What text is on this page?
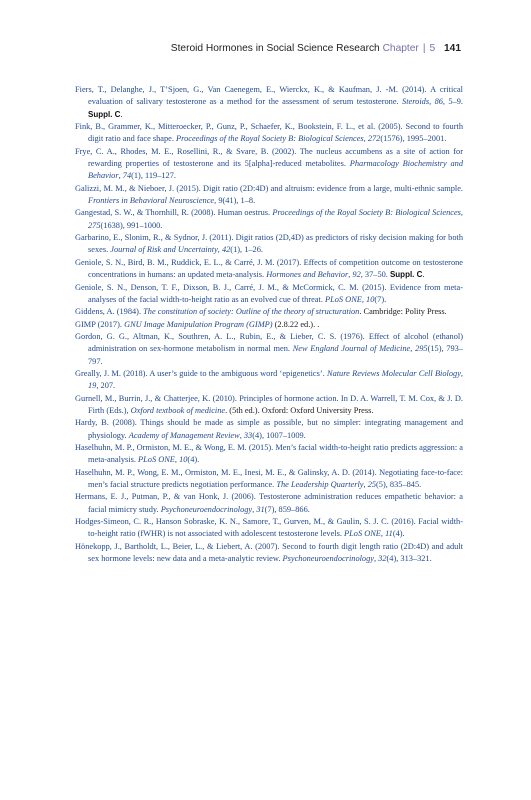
Steroid Hormones in Social Science Research Chapter | 5 141

Fiers, T., Delanghe, J., T’Sjoen, G., Van Caenegem, E., Wierckx, K., & Kaufman, J. -M. (2014). A critical evaluation of salivary testosterone as a method for the assessment of serum testosterone. Steroids, 86, 5–9. Suppl. C.

Fink, B., Grammer, K., Mitteroecker, P., Gunz, P., Schaefer, K., Bookstein, F. L., et al. (2005). Second to fourth digit ratio and face shape. Proceedings of the Royal Society B: Biological Sciences, 272(1576), 1995–2001.

Frye, C. A., Rhodes, M. E., Rosellini, R., & Svare, B. (2002). The nucleus accumbens as a site of action for rewarding properties of testosterone and its 5[alpha]-reduced metabolites. Pharmacology Biochemistry and Behavior, 74(1), 119–127.

Galizzi, M. M., & Nieboer, J. (2015). Digit ratio (2D:4D) and altruism: evidence from a large, multi-ethnic sample. Frontiers in Behavioral Neuroscience, 9(41), 1–8.

Gangestad, S. W., & Thornhill, R. (2008). Human oestrus. Proceedings of the Royal Society B: Biological Sciences, 275(1638), 991–1000.

Garbarino, E., Slonim, R., & Sydnor, J. (2011). Digit ratios (2D,4D) as predictors of risky decision making for both sexes. Journal of Risk and Uncertainty, 42(1), 1–26.

Geniole, S. N., Bird, B. M., Ruddick, E. L., & Carré, J. M. (2017). Effects of competition outcome on testosterone concentrations in humans: an updated meta-analysis. Hormones and Behavior, 92, 37–50. Suppl. C.

Geniole, S. N., Denson, T. F., Dixson, B. J., Carré, J. M., & McCormick, C. M. (2015). Evidence from meta-analyses of the facial width-to-height ratio as an evolved cue of threat. PLoS ONE, 10(7).

Giddens, A. (1984). The constitution of society: Outline of the theory of structuration. Cambridge: Polity Press.

GIMP (2017). GNU Image Manipulation Program (GIMP) (2.8.22 ed.). .

Gordon, G. G., Altman, K., Southren, A. L., Rubin, E., & Lieber, C. S. (1976). Effect of alcohol (ethanol) administration on sex-hormone metabolism in normal men. New England Journal of Medicine, 295(15), 793–797.

Greally, J. M. (2018). A user’s guide to the ambiguous word ‘epigenetics’. Nature Reviews Molecular Cell Biology, 19, 207.

Gurnell, M., Burrin, J., & Chatterjee, K. (2010). Principles of hormone action. In D. A. Warrell, T. M. Cox, & J. D. Firth (Eds.), Oxford textbook of medicine. (5th ed.). Oxford: Oxford University Press.

Hardy, B. (2008). Things should be made as simple as possible, but no simpler: integrating management and physiology. Academy of Management Review, 33(4), 1007–1009.

Haselhuhn, M. P., Ormiston, M. E., & Wong, E. M. (2015). Men’s facial width-to-height ratio predicts aggression: a meta-analysis. PLoS ONE, 10(4).

Haselhuhn, M. P., Wong, E. M., Ormiston, M. E., Inesi, M. E., & Galinsky, A. D. (2014). Negotiating face-to-face: men’s facial structure predicts negotiation performance. The Leadership Quarterly, 25(5), 835–845.

Hermans, E. J., Putman, P., & van Honk, J. (2006). Testosterone administration reduces empathetic behavior: a facial mimicry study. Psychoneuroendocrinology, 31(7), 859–866.

Hodges-Simeon, C. R., Hanson Sobraske, K. N., Samore, T., Gurven, M., & Gaulin, S. J. C. (2016). Facial width-to-height ratio (fWHR) is not associated with adolescent testosterone levels. PLoS ONE, 11(4).

Hönekopp, J., Bartholdt, L., Beier, L., & Liebert, A. (2007). Second to fourth digit length ratio (2D:4D) and adult sex hormone levels: new data and a meta-analytic review. Psychoneuroendocrinology, 32(4), 313–321.
